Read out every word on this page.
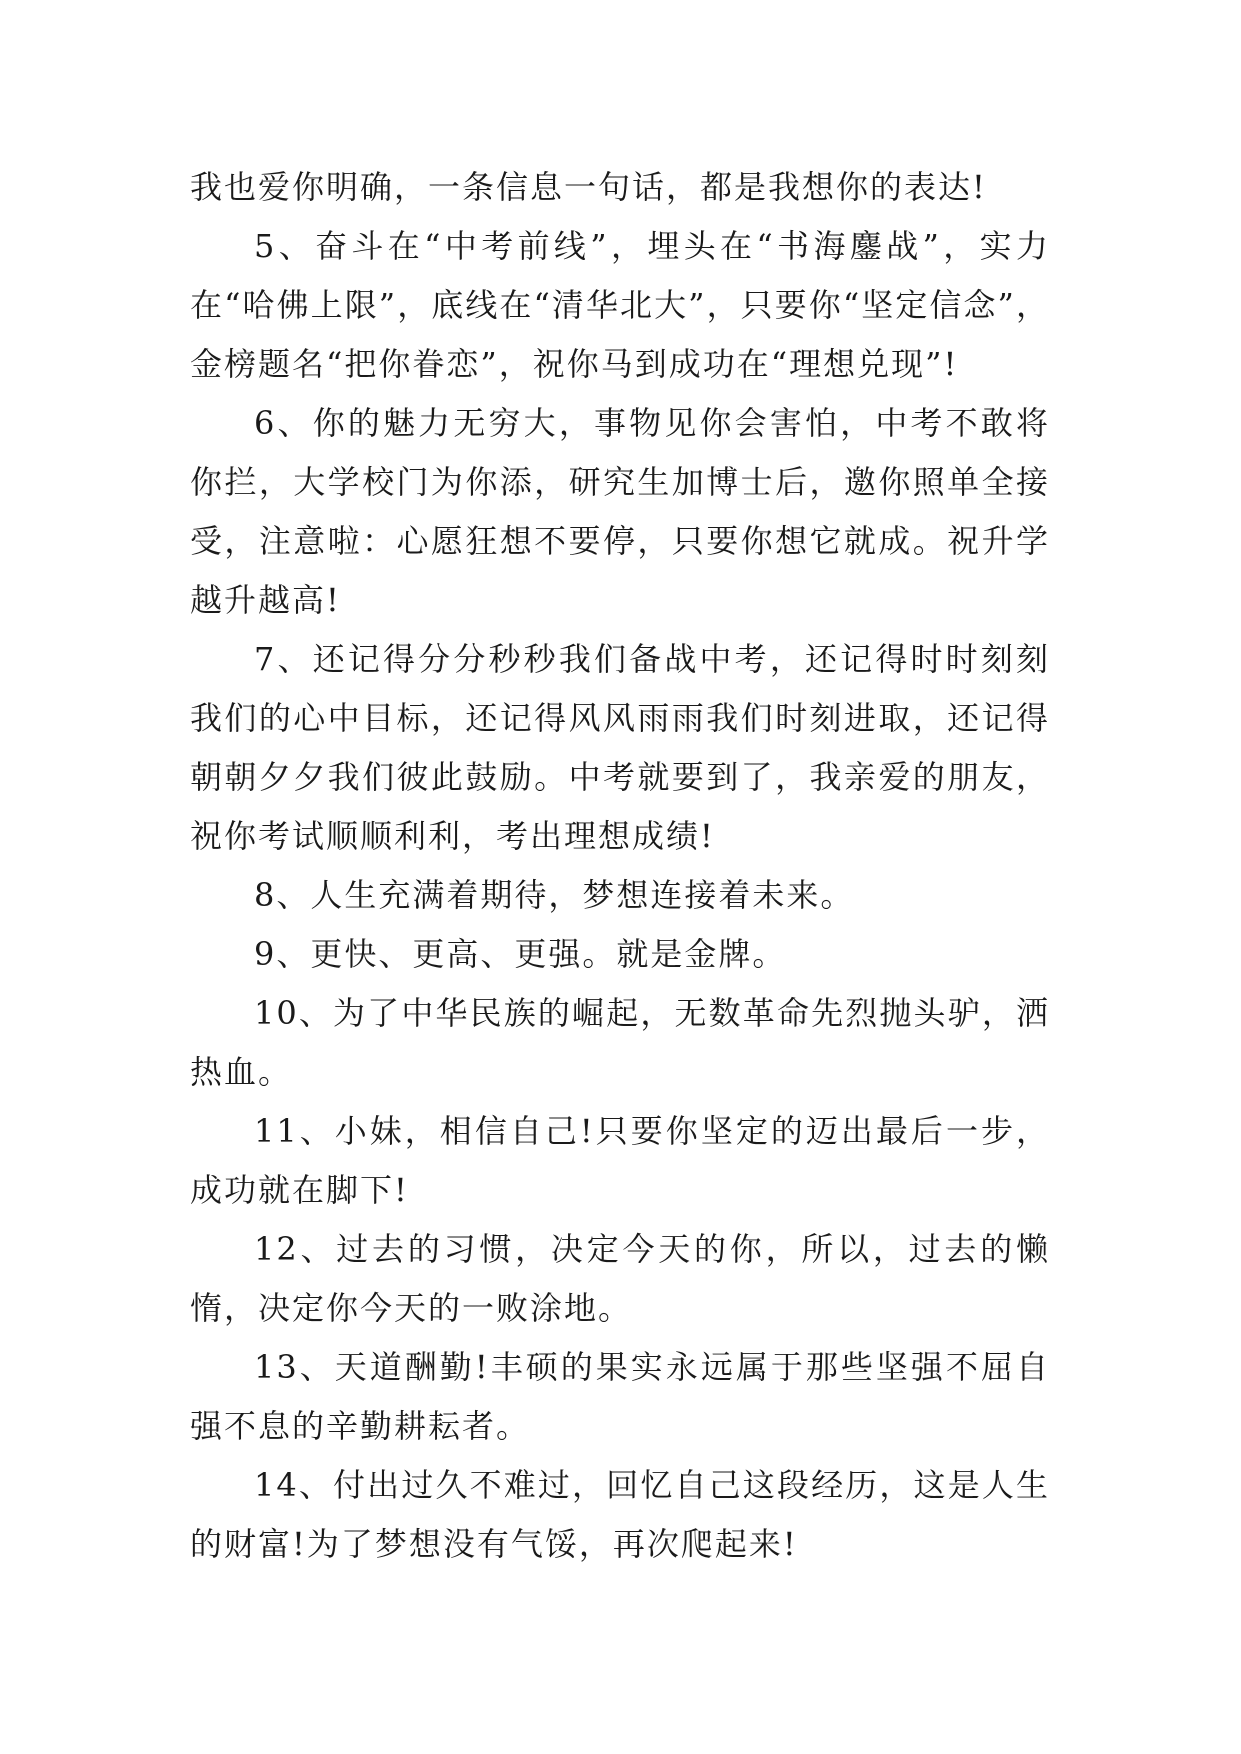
我也爱你明确，一条信息一句话，都是我想你的表达!

5、奋斗在“中考前线”，埋头在“书海鏖战”，实力在“哈佛上限”，底线在“清华北大”，只要你“坚定信念”，金榜题名“把你眷恋”，祝你马到成功在“理想兑现”!

6、你的魅力无穷大，事物见你会害怕，中考不敢将你拦，大学校门为你添，研究生加博士后，邀你照单全接受，注意啦：心愿狂想不要停，只要你想它就成。祝升学越升越高!

7、还记得分分秒秒我们备战中考，还记得时时刻刻我们的心中目标，还记得风风雨雨我们时刻进取，还记得朝朝夕夕我们彼此鼓励。中考就要到了，我亲爱的朋友，祝你考试顺顺利利，考出理想成绩!

8、人生充满着期待，梦想连接着未来。

9、更快、更高、更强。就是金牌。

10、为了中华民族的崛起，无数革命先烈抛头驴，洒热血。

11、小妹，相信自己!只要你坚定的迈出最后一步，成功就在脚下!

12、过去的习惯，决定今天的你，所以，过去的懒惰，决定你今天的一败涂地。

13、天道酬勤!丰硕的果实永远属于那些坚强不屈自强不息的辛勤耕耘者。

14、付出过久不难过，回忆自己这段经历，这是人生的财富!为了梦想没有气馁，再次爬起来!
